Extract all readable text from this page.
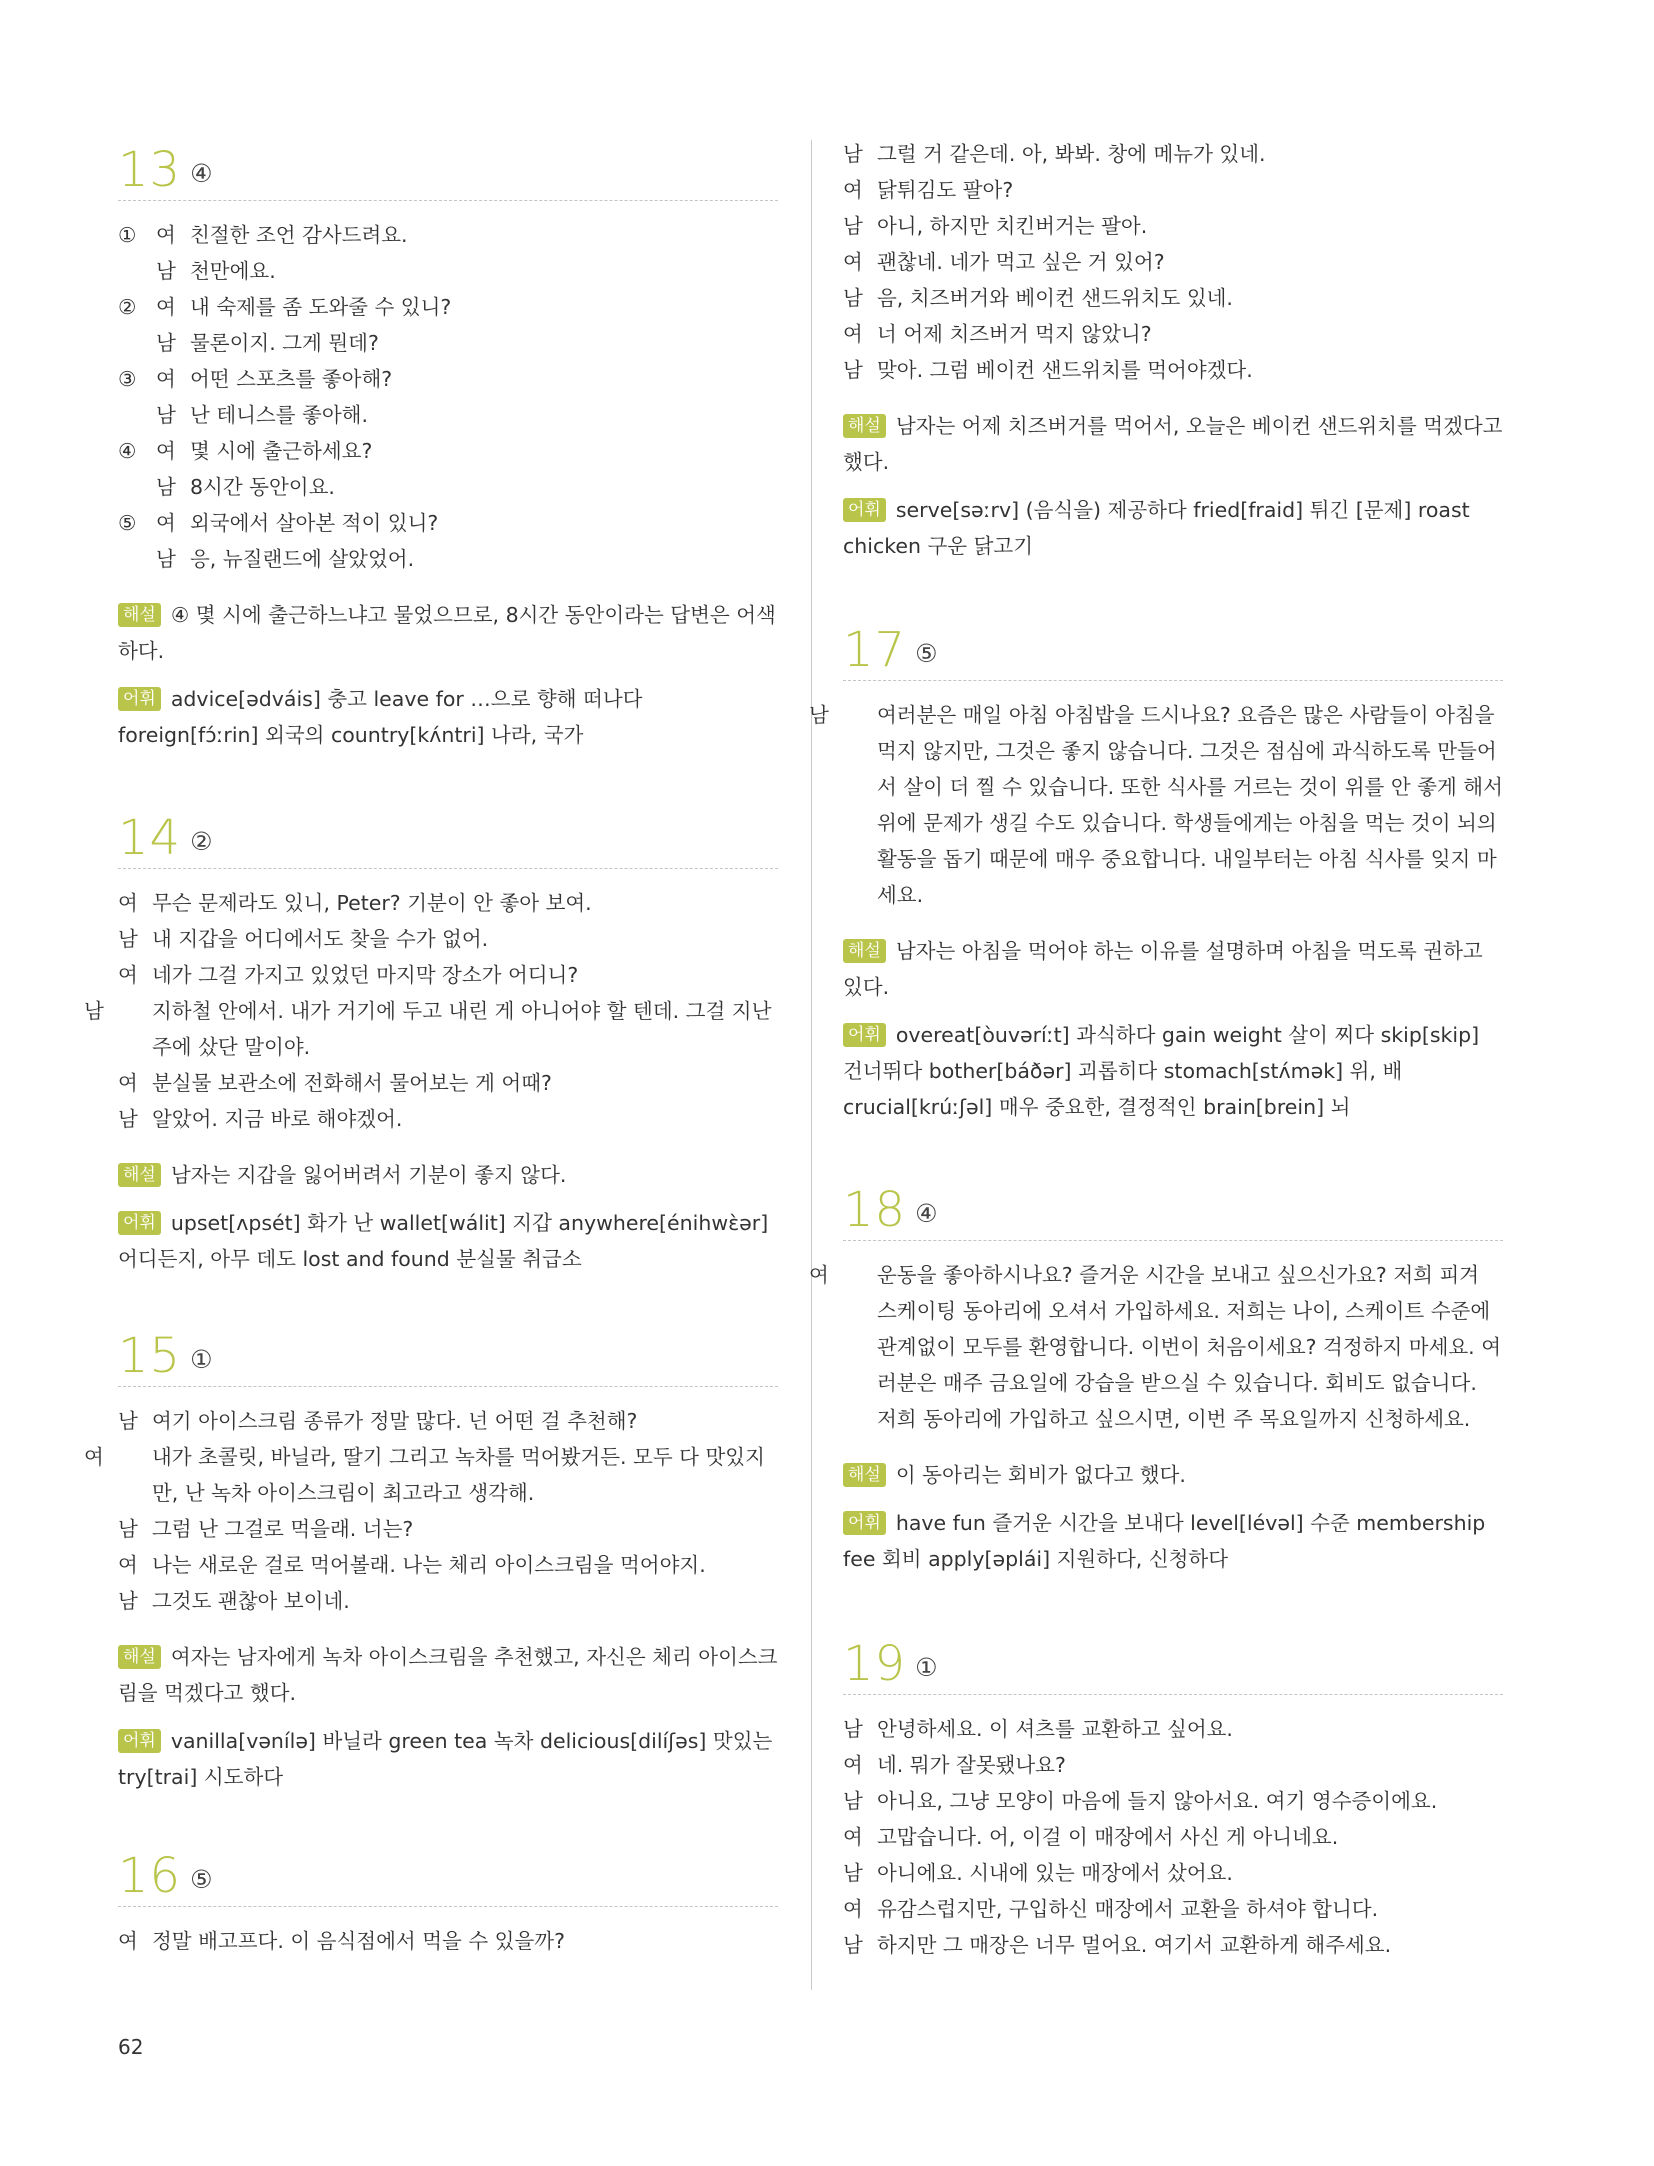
13 ④
① 여 친절한 조언 감사드려요.
남 천만에요.
② 여 내 숙제를 좀 도와줄 수 있니?
남 물론이지. 그게 뭔데?
③ 여 어떤 스포츠를 좋아해?
남 난 테니스를 좋아해.
④ 여 몇 시에 출근하세요?
남 8시간 동안이요.
⑤ 여 외국에서 살아본 적이 있니?
남 응, 뉴질랜드에 살았었어.
해설 ④ 몇 시에 출근하느냐고 물었으므로, 8시간 동안이라는 답변은 어색하다.
어휘 advice[ədváis] 충고 leave for …으로 향해 떠나다 foreign[fɔ́ːrin] 외국의 country[kʌ́ntri] 나라, 국가
14 ②
여 무슨 문제라도 있니, Peter? 기분이 안 좋아 보여.
남 내 지갑을 어디에서도 찾을 수가 없어.
여 네가 그걸 가지고 있었던 마지막 장소가 어디니?
남 지하철 안에서. 내가 거기에 두고 내린 게 아니어야 할 텐데. 그걸 지난주에 샀단 말이야.
여 분실물 보관소에 전화해서 물어보는 게 어때?
남 알았어. 지금 바로 해야겠어.
해설 남자는 지갑을 잃어버려서 기분이 좋지 않다.
어휘 upset[ʌpsét] 화가 난 wallet[wálit] 지갑 anywhere[énihwɛ̀ər] 어디든지, 아무 데도 lost and found 분실물 취급소
15 ①
남 여기 아이스크림 종류가 정말 많다. 넌 어떤 걸 추천해?
여 내가 초콜릿, 바닐라, 딸기 그리고 녹차를 먹어봤거든. 모두 다 맛있지만, 난 녹차 아이스크림이 최고라고 생각해.
남 그럼 난 그걸로 먹을래. 너는?
여 나는 새로운 걸로 먹어볼래. 나는 체리 아이스크림을 먹어야지.
남 그것도 괜찮아 보이네.
해설 여자는 남자에게 녹차 아이스크림을 추천했고, 자신은 체리 아이스크림을 먹겠다고 했다.
어휘 vanilla[vənílə] 바닐라 green tea 녹차 delicious[dilíʃəs] 맛있는 try[trai] 시도하다
16 ⑤
여 정말 배고프다. 이 음식점에서 먹을 수 있을까?
남 그럴 거 같은데. 아, 봐봐. 창에 메뉴가 있네.
여 닭튀김도 팔아?
남 아니, 하지만 치킨버거는 팔아.
여 괜찮네. 네가 먹고 싶은 거 있어?
남 음, 치즈버거와 베이컨 샌드위치도 있네.
여 너 어제 치즈버거 먹지 않았니?
남 맞아. 그럼 베이컨 샌드위치를 먹어야겠다.
해설 남자는 어제 치즈버거를 먹어서, 오늘은 베이컨 샌드위치를 먹겠다고 했다.
어휘 serve[səːrv] (음식을) 제공하다 fried[fraid] 튀긴 [문제] roast chicken 구운 닭고기
17 ⑤
남 여러분은 매일 아침 아침밥을 드시나요? 요즘은 많은 사람들이 아침을 먹지 않지만, 그것은 좋지 않습니다. 그것은 점심에 과식하도록 만들어서 살이 더 찔 수 있습니다. 또한 식사를 거르는 것이 위를 안 좋게 해서 위에 문제가 생길 수도 있습니다. 학생들에게는 아침을 먹는 것이 뇌의 활동을 돕기 때문에 매우 중요합니다. 내일부터는 아침 식사를 잊지 마세요.
해설 남자는 아침을 먹어야 하는 이유를 설명하며 아침을 먹도록 권하고 있다.
어휘 overeat[òuvəríːt] 과식하다 gain weight 살이 찌다 skip[skip] 건너뛰다 bother[báðər] 괴롭히다 stomach[stʌ́mək] 위, 배 crucial[krúːʃəl] 매우 중요한, 결정적인 brain[brein] 뇌
18 ④
여 운동을 좋아하시나요? 즐거운 시간을 보내고 싶으신가요? 저희 피겨 스케이팅 동아리에 오셔서 가입하세요. 저희는 나이, 스케이트 수준에 관계없이 모두를 환영합니다. 이번이 처음이세요? 걱정하지 마세요. 여러분은 매주 금요일에 강습을 받으실 수 있습니다. 회비도 없습니다. 저희 동아리에 가입하고 싶으시면, 이번 주 목요일까지 신청하세요.
해설 이 동아리는 회비가 없다고 했다.
어휘 have fun 즐거운 시간을 보내다 level[lévəl] 수준 membership fee 회비 apply[əplái] 지원하다, 신청하다
19 ①
남 안녕하세요. 이 셔츠를 교환하고 싶어요.
여 네. 뭐가 잘못됐나요?
남 아니요, 그냥 모양이 마음에 들지 않아서요. 여기 영수증이에요.
여 고맙습니다. 어, 이걸 이 매장에서 사신 게 아니네요.
남 아니에요. 시내에 있는 매장에서 샀어요.
여 유감스럽지만, 구입하신 매장에서 교환을 하셔야 합니다.
남 하지만 그 매장은 너무 멀어요. 여기서 교환하게 해주세요.
62
